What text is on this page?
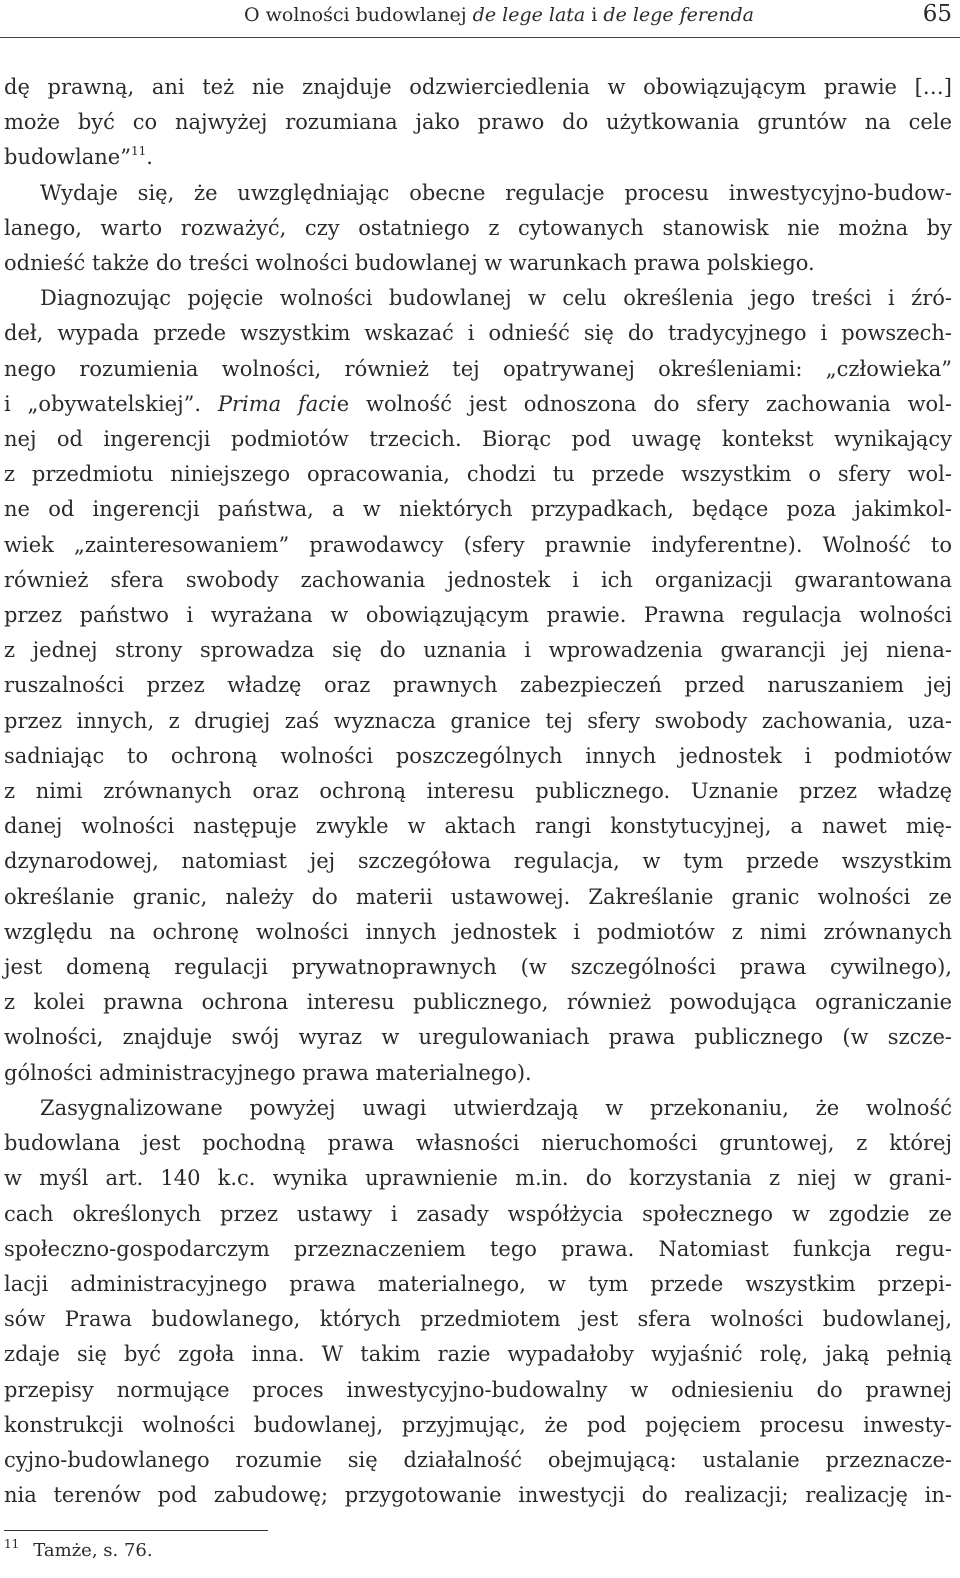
O wolności budowlanej de lege lata i de lege ferenda	65

dę prawną, ani też nie znajduje odzwierciedlenia w obowiązującym prawie […]
może być co najwyżej rozumiana jako prawo do użytkowania gruntów na cele
budowlane”$^{11}$.

Wydaje się, że uwzględniając obecne regulacje procesu inwestycyjno-budow-
lanego, warto rozważyć, czy ostatniego z cytowanych stanowisk nie można by
odnieść także do treści wolności budowlanej w warunkach prawa polskiego.

Diagnozując pojęcie wolności budowlanej w celu określenia jego treści i źró-
deł, wypada przede wszystkim wskazać i odnieść się do tradycyjnego i powszech-
nego rozumienia wolności, również tej opatrywanej określeniami: „człowieka”
i „obywatelskiej”. Prima facie wolność jest odnoszona do sfery zachowania wol-
nej od ingerencji podmiotów trzecich. Biorąc pod uwagę kontekst wynikający
z przedmiotu niniejszego opracowania, chodzi tu przede wszystkim o sfery wol-
ne od ingerencji państwa, a w niektórych przypadkach, będące poza jakimkol-
wiek „zainteresowaniem” prawodawcy (sfery prawnie indyferentne). Wolność to
również sfera swobody zachowania jednostek i ich organizacji gwarantowana
przez państwo i wyrażana w obowiązującym prawie. Prawna regulacja wolności
z jednej strony sprowadza się do uznania i wprowadzenia gwarancji jej niena-
ruszalności przez władzę oraz prawnych zabezpieczeń przed naruszaniem jej
przez innych, z drugiej zaś wyznacza granice tej sfery swobody zachowania, uza-
sadniając to ochroną wolności poszczególnych innych jednostek i podmiotów
z nimi zrównanych oraz ochroną interesu publicznego. Uznanie przez władzę
danej wolności następuje zwykle w aktach rangi konstytucyjnej, a nawet mię-
dzynarodowej, natomiast jej szczegółowa regulacja, w tym przede wszystkim
określanie granic, należy do materii ustawowej. Zakreślanie granic wolności ze
względu na ochronę wolności innych jednostek i podmiotów z nimi zrównanych
jest domeną regulacji prywatnoprawnych (w szczególności prawa cywilnego),
z kolei prawna ochrona interesu publicznego, również powodująca ograniczanie
wolności, znajduje swój wyraz w uregulowaniach prawa publicznego (w szcze-
gólności administracyjnego prawa materialnego).

Zasygnalizowane powyżej uwagi utwierdzają w przekonaniu, że wolność
budowlana jest pochodną prawa własności nieruchomości gruntowej, z której
w myśl art. 140 k.c. wynika uprawnienie m.in. do korzystania z niej w grani-
cach określonych przez ustawy i zasady współżycia społecznego w zgodzie ze
społeczno-gospodarczym przeznaczeniem tego prawa. Natomiast funkcja regu-
lacji administracyjnego prawa materialnego, w tym przede wszystkim przepi-
sów Prawa budowlanego, których przedmiotem jest sfera wolności budowlanej,
zdaje się być zgoła inna. W takim razie wypadałoby wyjaśnić rolę, jaką pełnią
przepisy normujące proces inwestycyjno-budowalny w odniesieniu do prawnej
konstrukcji wolności budowlanej, przyjmując, że pod pojęciem procesu inwesty-
cyjno-budowlanego rozumie się działalność obejmującą: ustalanie przeznacze-
nia terenów pod zabudowę; przygotowanie inwestycji do realizacji; realizację in-

$^{11}$ Tamże, s. 76.
